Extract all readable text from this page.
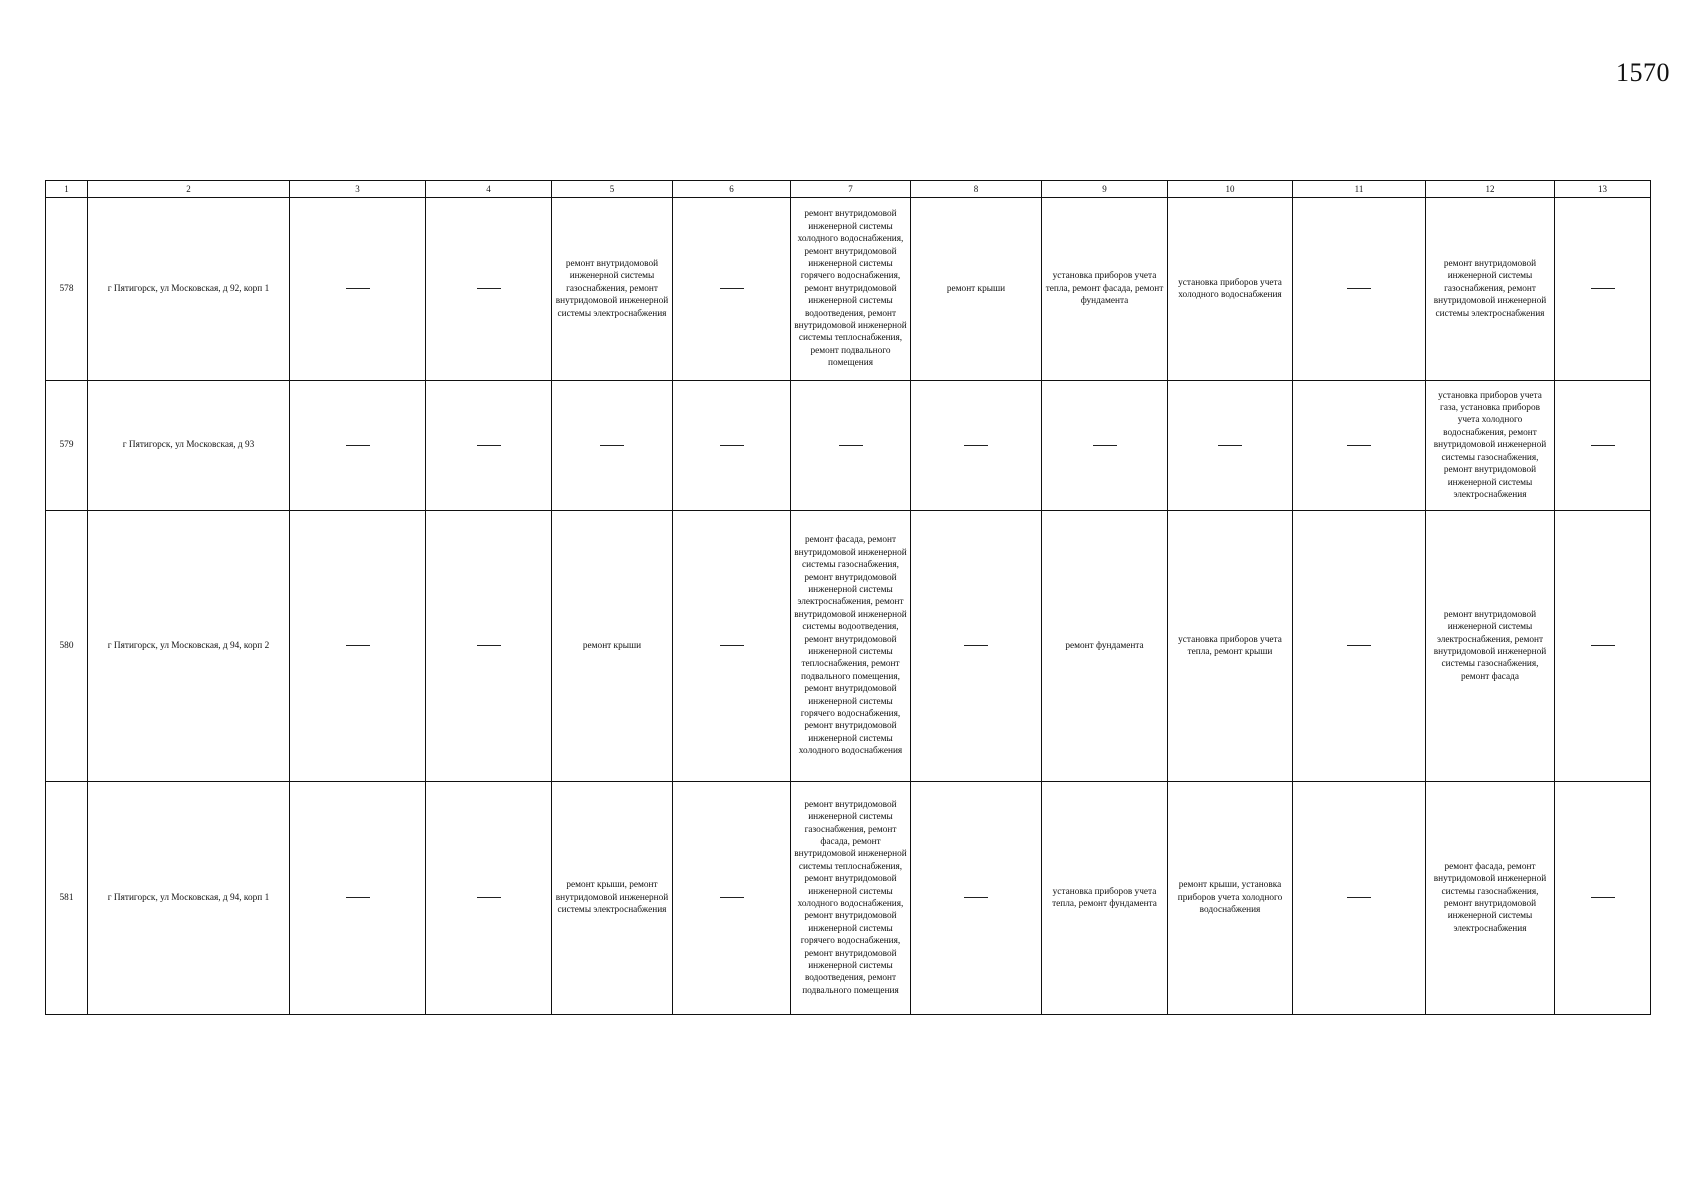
1570
1	2	3	4	5	6	7	8	9	10	11	12	13
578	г Пятигорск, ул Московская, д 92, корп 1			ремонт внутридомовой инженерной системы газоснабжения, ремонт внутридомовой инженерной системы электроснабжения		ремонт внутридомовой инженерной системы холодного водоснабжения, ремонт внутридомовой инженерной системы горячего водоснабжения, ремонт внутридомовой инженерной системы водоотведения, ремонт внутридомовой инженерной системы теплоснабжения, ремонт подвального помещения	ремонт крыши	установка приборов учета тепла, ремонт фасада, ремонт фундамента	установка приборов учета холодного водоснабжения		ремонт внутридомовой инженерной системы газоснабжения, ремонт внутридомовой инженерной системы электроснабжения	
579	г Пятигорск, ул Московская, д 93										установка приборов учета газа, установка приборов учета холодного водоснабжения, ремонт внутридомовой инженерной системы газоснабжения, ремонт внутридомовой инженерной системы электроснабжения	
580	г Пятигорск, ул Московская, д 94, корп 2			ремонт крыши		ремонт фасада, ремонт внутридомовой инженерной системы газоснабжения, ремонт внутридомовой инженерной системы электроснабжения, ремонт внутридомовой инженерной системы водоотведения, ремонт внутридомовой инженерной системы теплоснабжения, ремонт подвального помещения, ремонт внутридомовой инженерной системы горячего водоснабжения, ремонт внутридомовой инженерной системы холодного водоснабжения		ремонт фундамента	установка приборов учета тепла, ремонт крыши		ремонт внутридомовой инженерной системы электроснабжения, ремонт внутридомовой инженерной системы газоснабжения, ремонт фасада	
581	г Пятигорск, ул Московская, д 94, корп 1			ремонт крыши, ремонт внутридомовой инженерной системы электроснабжения		ремонт внутридомовой инженерной системы газоснабжения, ремонт фасада, ремонт внутридомовой инженерной системы теплоснабжения, ремонт внутридомовой инженерной системы холодного водоснабжения, ремонт внутридомовой инженерной системы горячего водоснабжения, ремонт внутридомовой инженерной системы водоотведения, ремонт подвального помещения		установка приборов учета тепла, ремонт фундамента	ремонт крыши, установка приборов учета холодного водоснабжения		ремонт фасада, ремонт внутридомовой инженерной системы газоснабжения, ремонт внутридомовой инженерной системы электроснабжения	
